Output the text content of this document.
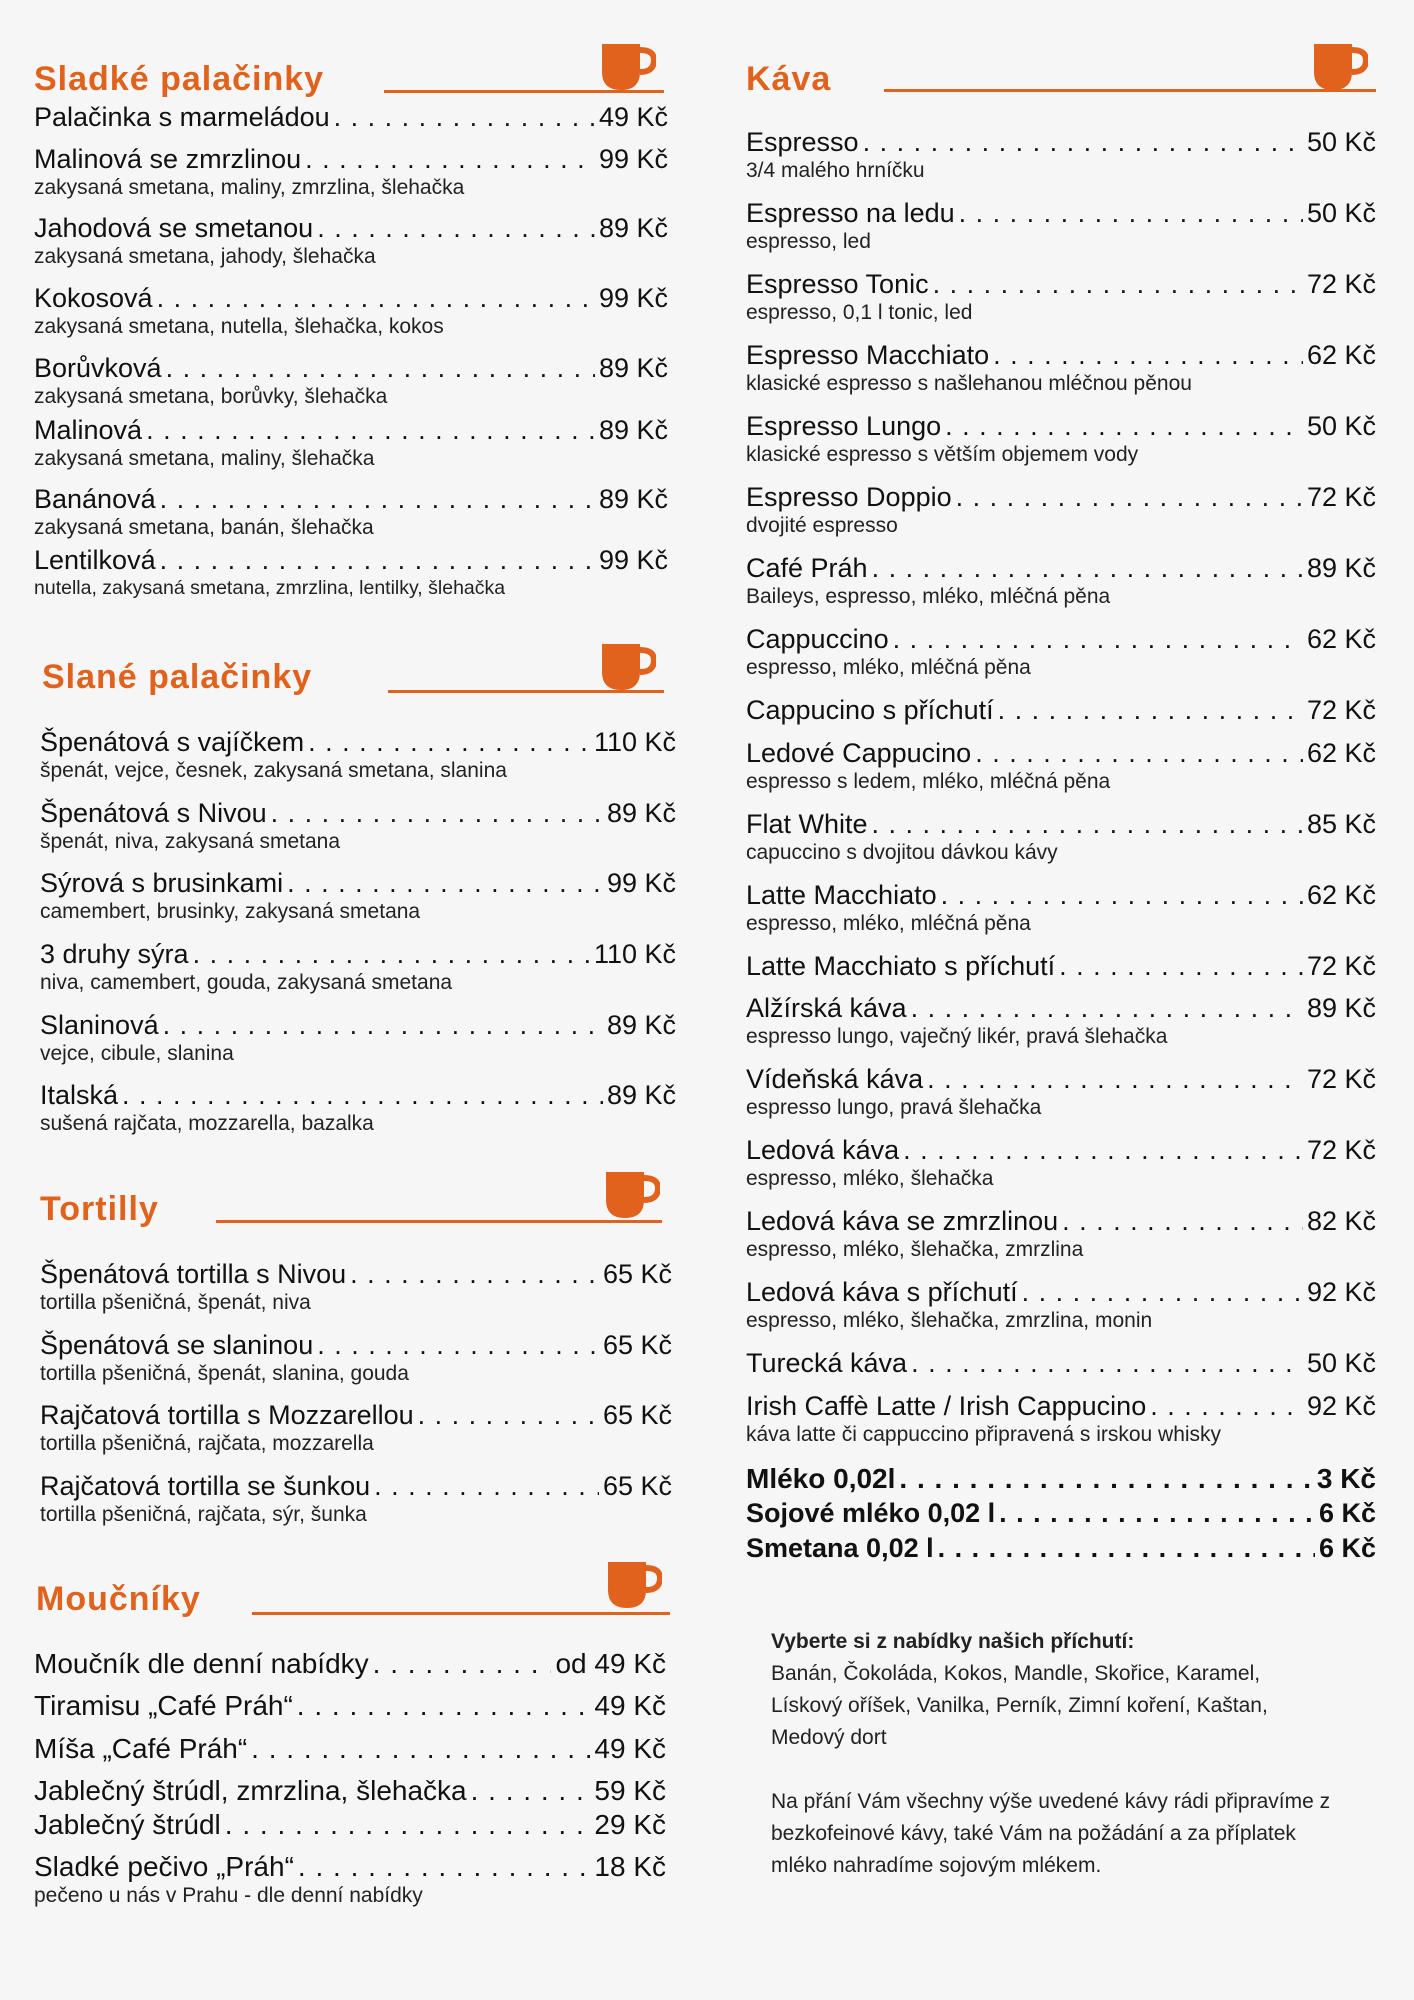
Sladké palačinky
Palačinka s marmeládou . . .	49 Kč
Malinová se zmrzlinou . . .	99 Kč
zakysaná smetana, maliny, zmrzlina, šlehačka
Jahodová se smetanou . . .	89 Kč
zakysaná smetana, jahody, šlehačka
Kokosová . . .	99 Kč
zakysaná smetana, nutella, šlehačka, kokos
Borůvková . . .	89 Kč
zakysaná smetana, borůvky, šlehačka
Malinová . . .	89 Kč
zakysaná smetana, maliny, šlehačka
Banánová . . .	89 Kč
zakysaná smetana, banán, šlehačka
Lentilková . . .	99 Kč
nutella, zakysaná smetana, zmrzlina, lentilky, šlehačka
Slané palačinky
Špenátová s vajíčkem . . .	110 Kč
špenát, vejce, česnek, zakysaná smetana, slanina
Špenátová s Nivou . . .	89 Kč
špenát, niva, zakysaná smetana
Sýrová s brusinkami . . .	99 Kč
camembert, brusinky, zakysaná smetana
3 druhy sýra . . .	110 Kč
niva, camembert, gouda, zakysaná smetana
Slaninová . . .	89 Kč
vejce, cibule, slanina
Italská . . .	89 Kč
sušená rajčata, mozzarella, bazalka
Tortilly
Špenátová tortilla s Nivou . . .	65 Kč
tortilla pšeničná, špenát, niva
Špenátová se slaninou . . .	65 Kč
tortilla pšeničná, špenát, slanina, gouda
Rajčatová tortilla s Mozzarellou . . .	65 Kč
tortilla pšeničná, rajčata, mozzarella
Rajčatová tortilla se šunkou . . .	65 Kč
tortilla pšeničná, rajčata, sýr, šunka
Moučníky
Moučník dle denní nabídky . . .	od 49 Kč
Tiramisu „Café Práh“ . . .	49 Kč
Míša „Café Práh“ . . .	49 Kč
Jablečný štrúdl, zmrzlina, šlehačka . . .	59 Kč
Jablečný štrúdl . . .	29 Kč
Sladké pečivo „Práh“ . . .	18 Kč
pečeno u nás v Prahu - dle denní nabídky
Káva
Espresso . . .	50 Kč
3/4 malého hrníčku
Espresso na ledu . . .	50 Kč
espresso, led
Espresso Tonic . . .	72 Kč
espresso, 0,1 l tonic, led
Espresso Macchiato . . .	62 Kč
klasické espresso s našlehanou mléčnou pěnou
Espresso Lungo . . .	50 Kč
klasické espresso s větším objemem vody
Espresso Doppio . . .	72 Kč
dvojité espresso
Café Práh . . .	89 Kč
Baileys, espresso, mléko, mléčná pěna
Cappuccino . . .	62 Kč
espresso, mléko, mléčná pěna
Cappucino s příchutí . . .	72 Kč
Ledové Cappucino . . .	62 Kč
espresso s ledem, mléko, mléčná pěna
Flat White . . .	85 Kč
capuccino s dvojitou dávkou kávy
Latte Macchiato . . .	62 Kč
espresso, mléko, mléčná pěna
Latte Macchiato s příchutí . . .	72 Kč
Alžírská káva . . .	89 Kč
espresso lungo, vaječný likér, pravá šlehačka
Vídeňská káva . . .	72 Kč
espresso lungo, pravá šlehačka
Ledová káva . . .	72 Kč
espresso, mléko, šlehačka
Ledová káva se zmrzlinou . . .	82 Kč
espresso, mléko, šlehačka, zmrzlina
Ledová káva s příchutí . . .	92 Kč
espresso, mléko, šlehačka, zmrzlina, monin
Turecká káva . . .	50 Kč
Irish Caffè Latte / Irish Cappucino . . .	92 Kč
káva latte či cappuccino připravená s irskou whisky
Mléko 0,02l . . .	3 Kč
Sojové mléko 0,02 l . . .	6 Kč
Smetana 0,02 l . . .	6 Kč
Vyberte si z nabídky našich příchutí:
Banán, Čokoláda, Kokos, Mandle, Skořice, Karamel,
Lískový oříšek, Vanilka, Perník, Zimní koření, Kaštan,
Medový dort
Na přání Vám všechny výše uvedené kávy rádi připravíme z
bezkofeinové kávy, také Vám na požádání a za příplatek
mléko nahradíme sojovým mlékem.
